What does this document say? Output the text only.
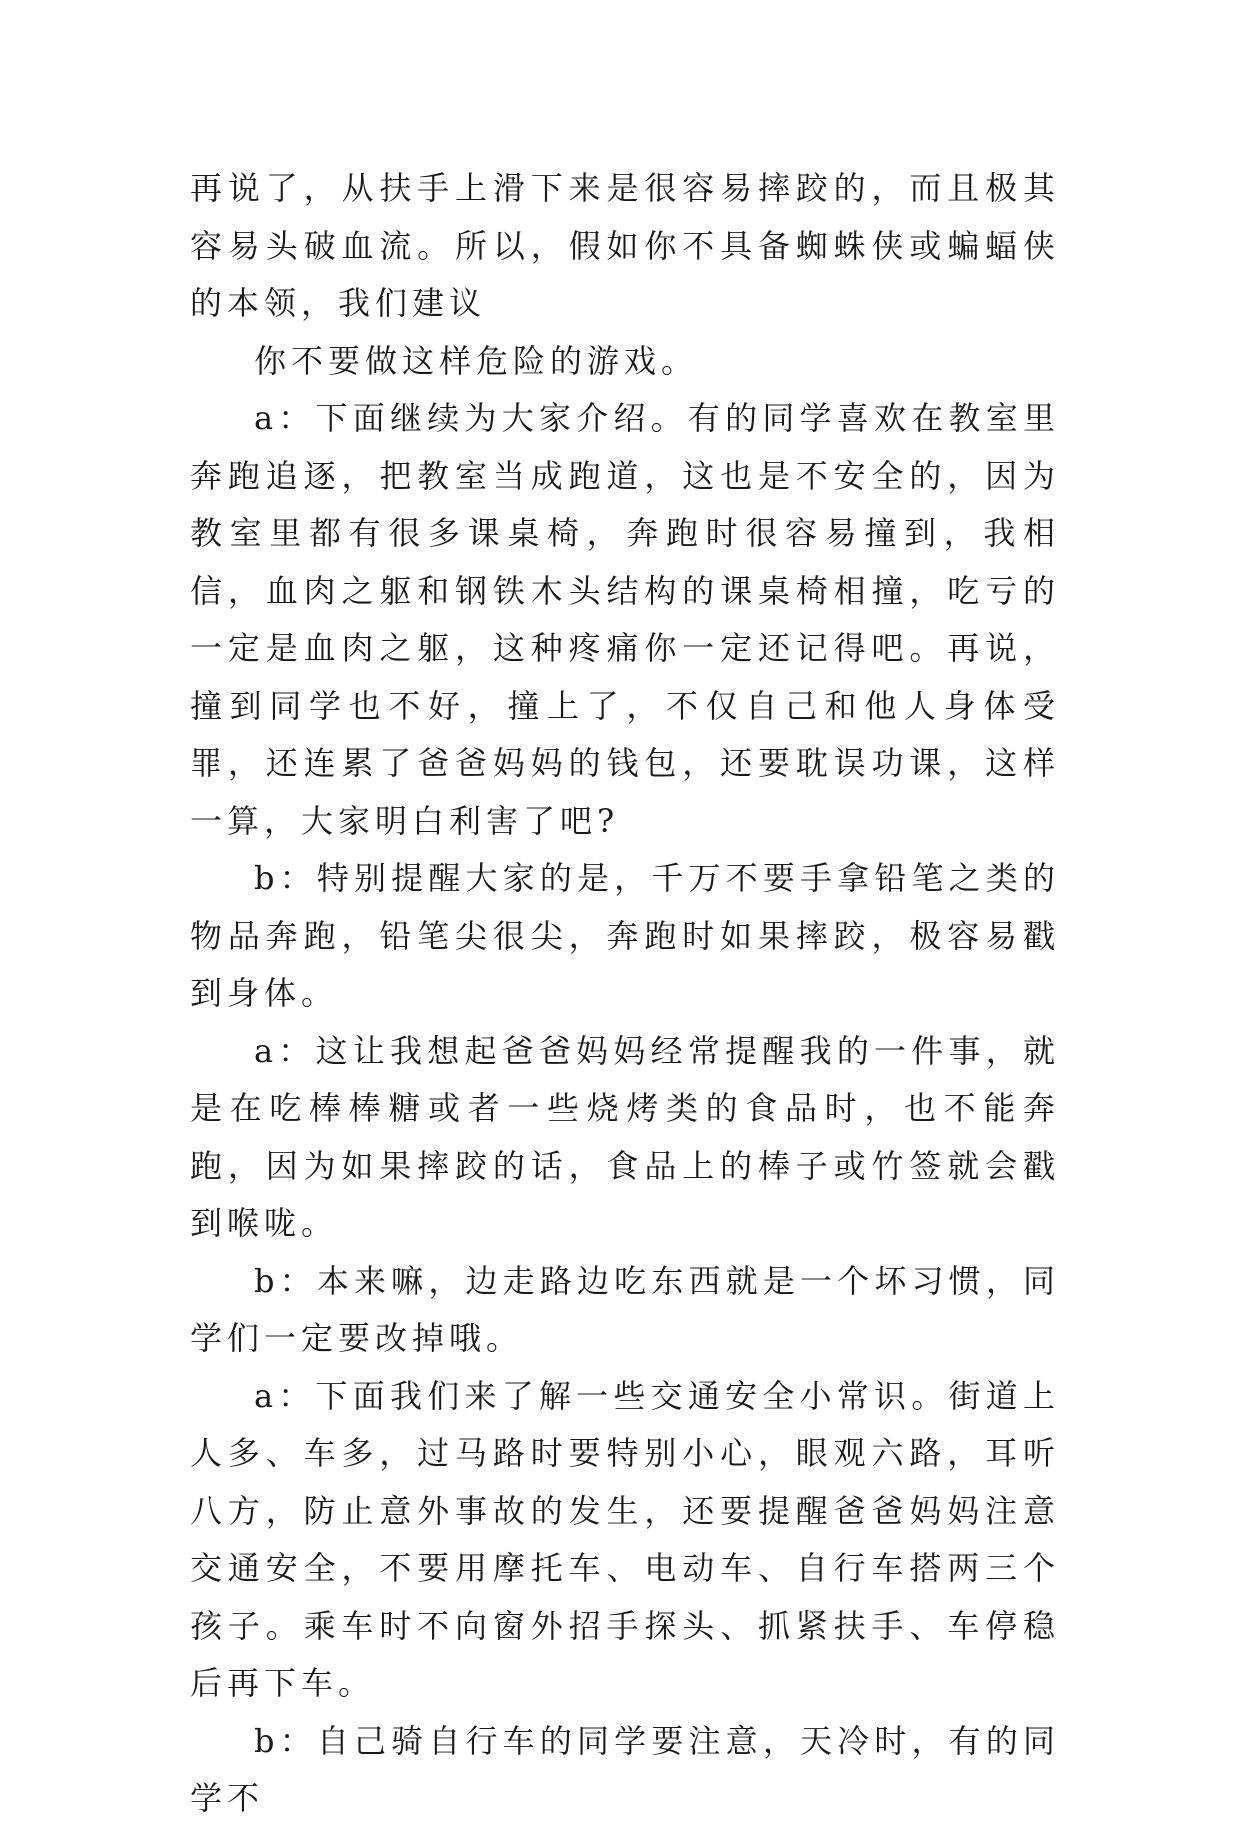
再说了，从扶手上滑下来是很容易摔跤的，而且极其容易头破血流。所以，假如你不具备蜘蛛侠或蝙蝠侠的本领，我们建议

你不要做这样危险的游戏。

a：下面继续为大家介绍。有的同学喜欢在教室里奔跑追逐，把教室当成跑道，这也是不安全的，因为教室里都有很多课桌椅，奔跑时很容易撞到，我相信，血肉之躯和钢铁木头结构的课桌椅相撞，吃亏的一定是血肉之躯，这种疼痛你一定还记得吧。再说，撞到同学也不好，撞上了，不仅自己和他人身体受罪，还连累了爸爸妈妈的钱包，还要耽误功课，这样一算，大家明白利害了吧?

b：特别提醒大家的是，千万不要手拿铅笔之类的物品奔跑，铅笔尖很尖，奔跑时如果摔跤，极容易戳到身体。

a：这让我想起爸爸妈妈经常提醒我的一件事，就是在吃棒棒糖或者一些烧烤类的食品时，也不能奔跑，因为如果摔跤的话，食品上的棒子或竹签就会戳到喉咙。

b：本来嘛，边走路边吃东西就是一个坏习惯，同学们一定要改掉哦。

a：下面我们来了解一些交通安全小常识。街道上人多、车多，过马路时要特别小心，眼观六路，耳听八方，防止意外事故的发生，还要提醒爸爸妈妈注意交通安全，不要用摩托车、电动车、自行车搭两三个孩子。乘车时不向窗外招手探头、抓紧扶手、车停稳后再下车。

b：自己骑自行车的同学要注意，天冷时，有的同学不
